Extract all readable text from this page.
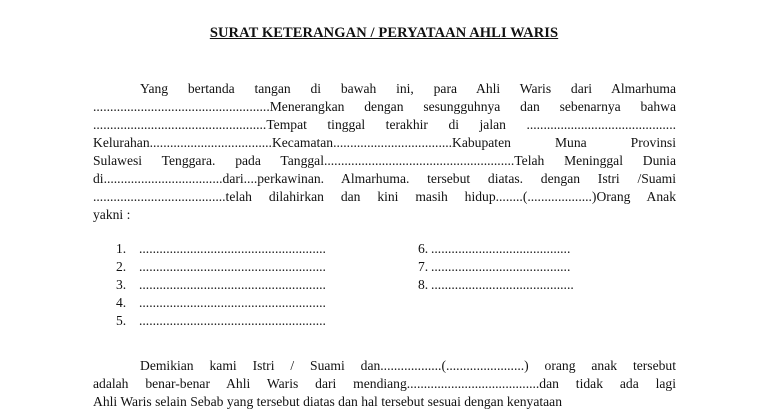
SURAT KETERANGAN / PERYATAAN AHLI WARIS
Yang bertanda tangan di bawah ini, para Ahli Waris dari Almarhuma
....................................................Menerangkan dengan sesungguhnya dan sebenarnya bahwa
...................................................Tempat tinggal terakhir di jalan ............................................
Kelurahan....................................Kecamatan...................................Kabupaten Muna Provinsi
Sulawesi Tenggara. pada Tanggal........................................................Telah Meninggal Dunia
di...................................dari....perkawinan. Almarhuma. tersebut diatas. dengan Istri /Suami
.......................................telah dilahirkan dan kini masih hidup........(...................)Orang Anak
yakni :
1. .......................................................
2. .......................................................
3. .......................................................
4. .......................................................
5. .......................................................
6. .........................................
7. .........................................
8. ..........................................
Demikian kami Istri / Suami dan..................(.......................) orang anak tersebut
adalah benar-benar Ahli Waris dari mendiang.......................................dan tidak ada lagi
Ahli Waris selain Sebab yang tersebut diatas dan hal tersebut sesuai dengan kenyataan
